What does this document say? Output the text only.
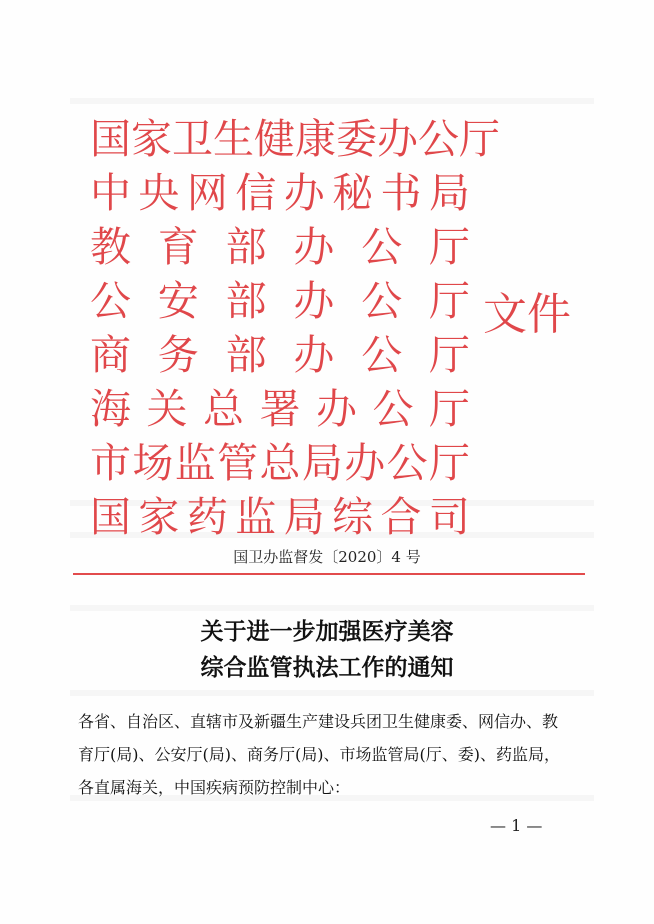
国 家 卫 生 健 康 委 办 公 厅
中 央 网 信 办 秘 书 局
教 育 部 办 公 厅
公 安 部 办 公 厅
商 务 部 办 公 厅
海 关 总 署 办 公 厅
市 场 监 管 总 局 办 公 厅
国 家 药 监 局 综 合 司
文件
国卫办监督发〔2020〕4 号
关于进一步加强医疗美容
综合监管执法工作的通知
各省、自治区、直辖市及新疆生产建设兵团卫生健康委、网信办、教
育厅(局)、公安厅(局)、商务厅(局)、市场监管局(厅、委)、药监局，
各直属海关，中国疾病预防控制中心：
— 1 —
